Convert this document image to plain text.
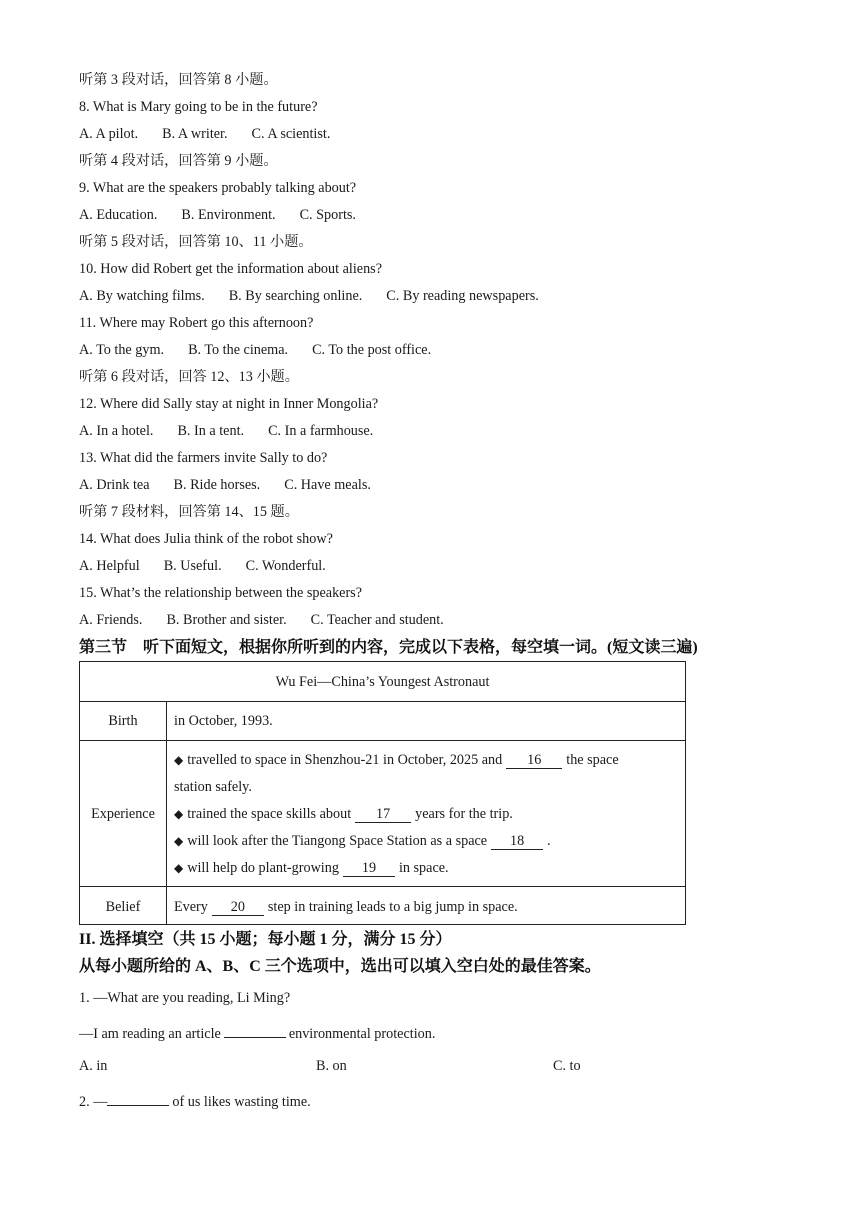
听第 3 段对话，回答第 8 小题。
8. What is Mary going to be in the future?
A. A pilot. B. A writer. C. A scientist.
听第 4 段对话，回答第 9 小题。
9. What are the speakers probably talking about?
A. Education. B. Environment. C. Sports.
听第 5 段对话，回答第 10、11 小题。
10. How did Robert get the information about aliens?
A. By watching films. B. By searching online. C. By reading newspapers.
11. Where may Robert go this afternoon?
A. To the gym. B. To the cinema. C. To the post office.
听第 6 段对话，回答 12、13 小题。
12. Where did Sally stay at night in Inner Mongolia?
A. In a hotel. B. In a tent. C. In a farmhouse.
13. What did the farmers invite Sally to do?
A. Drink tea B. Ride horses. C. Have meals.
听第 7 段材料，回答第 14、15 题。
14. What does Julia think of the robot show?
A. Helpful B. Useful. C. Wonderful.
15. What’s the relationship between the speakers?
A. Friends. B. Brother and sister. C. Teacher and student.
第三节　听下面短文，根据你所听到的内容，完成以下表格，每空填一词。(短文读三遍)
Wu Fei—China’s Youngest Astronaut
Birth	in October, 1993.
Experience
◆ travelled to space in Shenzhou-21 in October, 2025 and 16 the space
station safely.
◆ trained the space skills about 17 years for the trip.
◆ will look after the Tiangong Space Station as a space 18 .
◆ will help do plant-growing 19 in space.
Belief	Every 20 step in training leads to a big jump in space.
II. 选择填空（共 15 小题；每小题 1 分，满分 15 分）
从每小题所给的 A、B、C 三个选项中，选出可以填入空白处的最佳答案。
1. —What are you reading, Li Ming?
—I am reading an article	environmental protection.
A. in	B. on	C. to
2. —	of us likes wasting time.
